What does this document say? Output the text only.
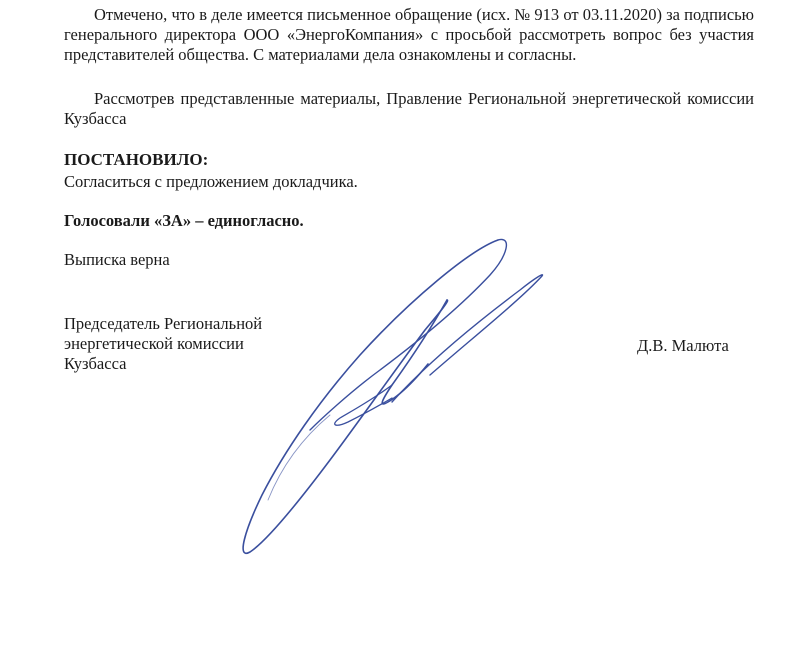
Отмечено, что в деле имеется письменное обращение (исх. № 913 от 03.11.2020) за подписью генерального директора ООО «ЭнергоКомпания» с просьбой рассмотреть вопрос без участия представителей общества. С материалами дела ознакомлены и согласны.

Рассмотрев представленные материалы, Правление Региональной энергетической комиссии Кузбасса

ПОСТАНОВИЛО:

Согласиться с предложением докладчика.

Голосовали «ЗА» – единогласно.

Выписка верна

Председатель Региональной
энергетической комиссии
Кузбасса

Д.В. Малюта
